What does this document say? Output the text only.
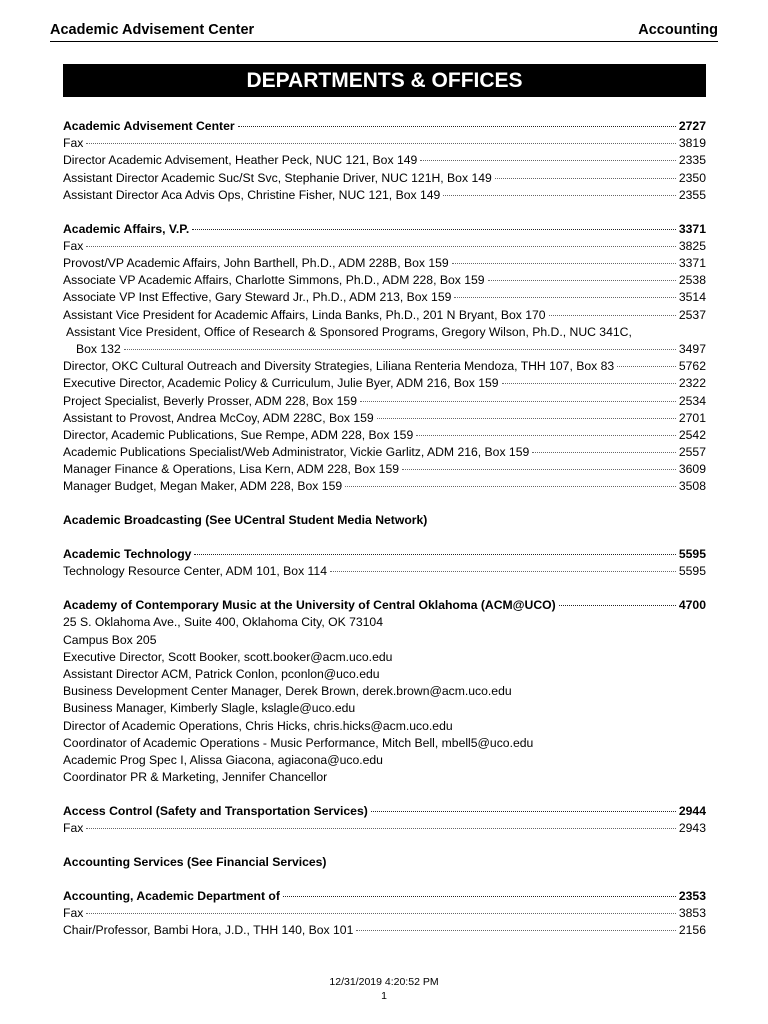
Academic Advisement Center	Accounting
DEPARTMENTS & OFFICES
Academic Advisement Center	2727
Fax	3819
Director Academic Advisement, Heather Peck, NUC 121, Box 149	2335
Assistant Director Academic Suc/St Svc, Stephanie Driver, NUC 121H, Box 149	2350
Assistant Director Aca Advis Ops, Christine Fisher, NUC 121, Box 149	2355
Academic Affairs, V.P.	3371
Fax	3825
Provost/VP Academic Affairs, John Barthell, Ph.D., ADM 228B, Box 159	3371
Associate VP Academic Affairs, Charlotte Simmons, Ph.D., ADM 228, Box 159	2538
Associate VP Inst Effective, Gary Steward Jr., Ph.D., ADM 213, Box 159	3514
Assistant Vice President for Academic Affairs, Linda Banks, Ph.D., 201 N Bryant, Box 170	2537
Assistant Vice President, Office of Research & Sponsored Programs, Gregory Wilson, Ph.D., NUC 341C,
Box 132	3497
Director, OKC Cultural Outreach and Diversity Strategies, Liliana Renteria Mendoza, THH 107, Box 83	5762
Executive Director, Academic Policy & Curriculum, Julie Byer, ADM 216, Box 159	2322
Project Specialist, Beverly Prosser, ADM 228, Box 159	2534
Assistant to Provost, Andrea McCoy, ADM 228C, Box 159	2701
Director, Academic Publications, Sue Rempe, ADM 228, Box 159	2542
Academic Publications Specialist/Web Administrator, Vickie Garlitz, ADM 216, Box 159	2557
Manager Finance & Operations, Lisa Kern, ADM 228, Box 159	3609
Manager Budget, Megan Maker, ADM 228, Box 159	3508
Academic Broadcasting (See UCentral Student Media Network)
Academic Technology	5595
Technology Resource Center, ADM 101, Box 114	5595
Academy of Contemporary Music at the University of Central Oklahoma (ACM@UCO)	4700
25 S. Oklahoma Ave., Suite 400, Oklahoma City, OK 73104
Campus Box 205
Executive Director, Scott Booker, scott.booker@acm.uco.edu
Assistant Director ACM, Patrick Conlon, pconlon@uco.edu
Business Development Center Manager, Derek Brown, derek.brown@acm.uco.edu
Business Manager, Kimberly Slagle, kslagle@uco.edu
Director of Academic Operations, Chris Hicks, chris.hicks@acm.uco.edu
Coordinator of Academic Operations - Music Performance, Mitch Bell, mbell5@uco.edu
Academic Prog Spec I, Alissa Giacona, agiacona@uco.edu
Coordinator PR & Marketing, Jennifer Chancellor
Access Control (Safety and Transportation Services)	2944
Fax	2943
Accounting Services (See Financial Services)
Accounting, Academic Department of	2353
Fax	3853
Chair/Professor, Bambi Hora, J.D., THH 140, Box 101	2156
12/31/2019 4:20:52 PM
1
